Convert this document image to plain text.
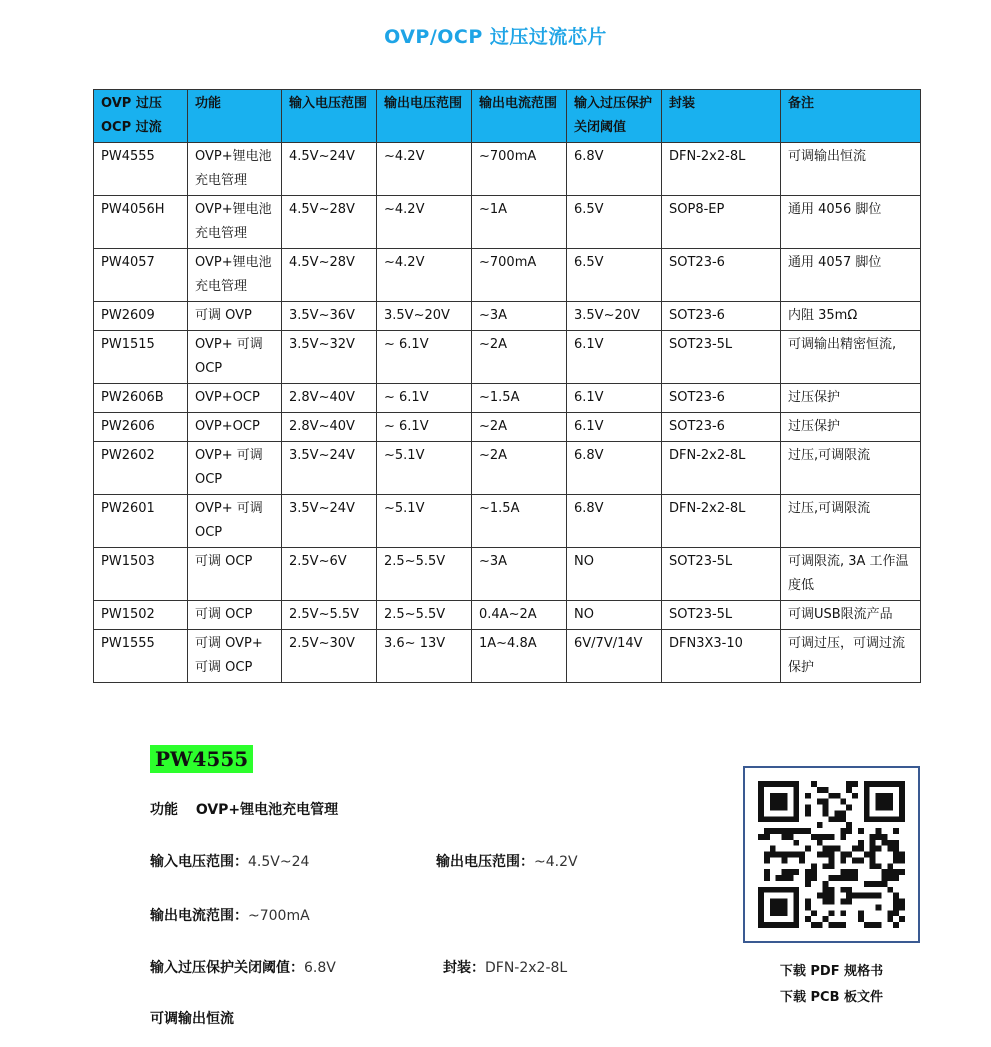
OVP/OCP 过压过流芯片
OVP 过压
OCP 过流	功能	输入电压范围	输出电压范围	输出电流范围	输入过压保护关闭阈值	封装	备注
PW4555	OVP+锂电池充电管理	4.5V~24V	~4.2V	~700mA	6.8V	DFN-2x2-8L	可调输出恒流
PW4056H	OVP+锂电池充电管理	4.5V~28V	~4.2V	~1A	6.5V	SOP8-EP	通用 4056 脚位
PW4057	OVP+锂电池充电管理	4.5V~28V	~4.2V	~700mA	6.5V	SOT23-6	通用 4057 脚位
PW2609	可调 OVP	3.5V~36V	3.5V~20V	~3A	3.5V~20V	SOT23-6	内阻 35mΩ
PW1515	OVP+ 可调 OCP	3.5V~32V	~ 6.1V	~2A	6.1V	SOT23-5L	可调输出精密恒流,
PW2606B	OVP+OCP	2.8V~40V	~ 6.1V	~1.5A	6.1V	SOT23-6	过压保护
PW2606	OVP+OCP	2.8V~40V	~ 6.1V	~2A	6.1V	SOT23-6	过压保护
PW2602	OVP+ 可调 OCP	3.5V~24V	~5.1V	~2A	6.8V	DFN-2x2-8L	过压,可调限流
PW2601	OVP+ 可调 OCP	3.5V~24V	~5.1V	~1.5A	6.8V	DFN-2x2-8L	过压,可调限流
PW1503	可调 OCP	2.5V~6V	2.5~5.5V	~3A	NO	SOT23-5L	可调限流, 3A 工作温度低
PW1502	可调 OCP	2.5V~5.5V	2.5~5.5V	0.4A~2A	NO	SOT23-5L	可调USB限流产品
PW1555	可调 OVP+ 可调 OCP	2.5V~30V	3.6~ 13V	1A~4.8A	6V/7V/14V	DFN3X3-10	可调过压，可调过流保护
PW4555
功能 OVP+锂电池充电管理
输入电压范围：4.5V~24	输出电压范围：~4.2V
输出电流范围：~700mA
输入过压保护关闭阈值：6.8V	封装：DFN-2x2-8L
可调输出恒流
下载 PDF 规格书
下载 PCB 板文件
